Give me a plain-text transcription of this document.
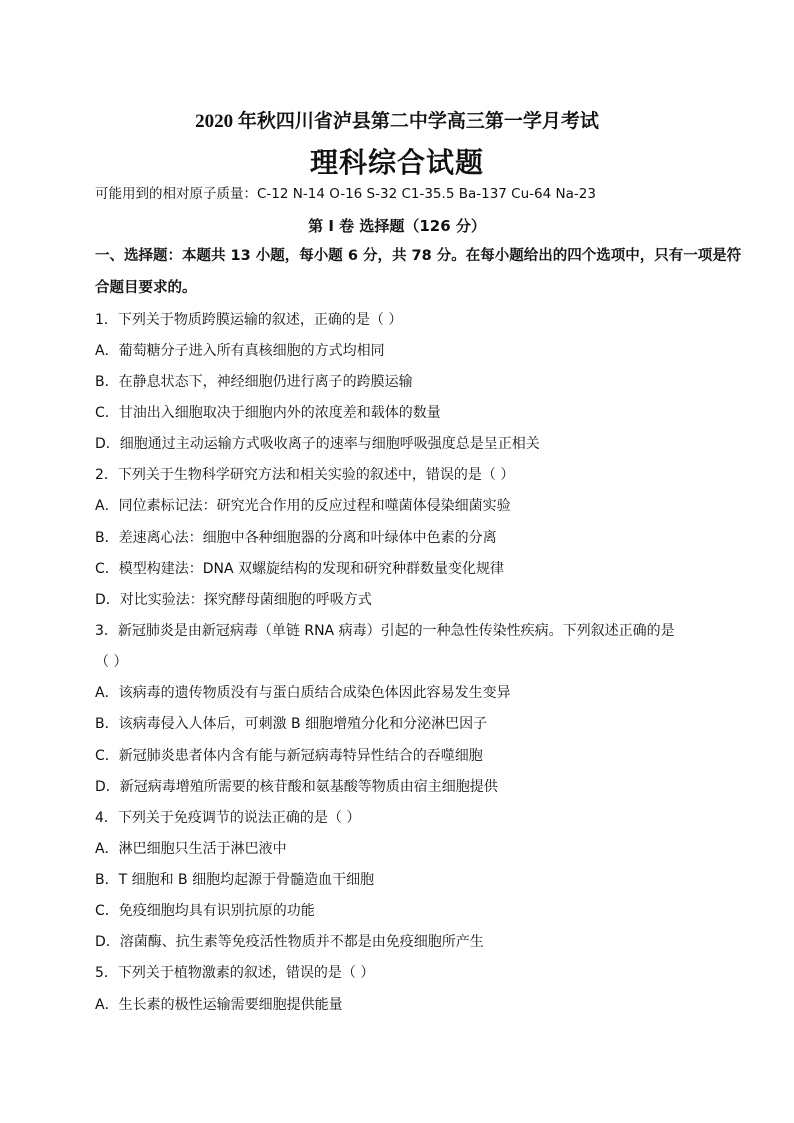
2020 年秋四川省泸县第二中学高三第一学月考试
理科综合试题
可能用到的相对原子质量：C-12 N-14 O-16 S-32 C1-35.5 Ba-137 Cu-64 Na-23
第 I 卷 选择题（126 分）
一、选择题：本题共 13 小题，每小题 6 分，共 78 分。在每小题给出的四个选项中，只有一项是符
合题目要求的。
1．下列关于物质跨膜运输的叙述，正确的是（ ）
A．葡萄糖分子进入所有真核细胞的方式均相同
B．在静息状态下，神经细胞仍进行离子的跨膜运输
C．甘油出入细胞取决于细胞内外的浓度差和载体的数量
D．细胞通过主动运输方式吸收离子的速率与细胞呼吸强度总是呈正相关
2．下列关于生物科学研究方法和相关实验的叙述中，错误的是（ ）
A．同位素标记法：研究光合作用的反应过程和噬菌体侵染细菌实验
B．差速离心法：细胞中各种细胞器的分离和叶绿体中色素的分离
C．模型构建法：DNA 双螺旋结构的发现和研究种群数量变化规律
D．对比实验法：探究酵母菌细胞的呼吸方式
3．新冠肺炎是由新冠病毒（单链 RNA 病毒）引起的一种急性传染性疾病。下列叙述正确的是
（ ）
A．该病毒的遗传物质没有与蛋白质结合成染色体因此容易发生变异
B．该病毒侵入人体后，可刺激 B 细胞增殖分化和分泌淋巴因子
C．新冠肺炎患者体内含有能与新冠病毒特异性结合的吞噬细胞
D．新冠病毒增殖所需要的核苷酸和氨基酸等物质由宿主细胞提供
4．下列关于免疫调节的说法正确的是（ ）
A．淋巴细胞只生活于淋巴液中
B．T 细胞和 B 细胞均起源于骨髓造血干细胞
C．免疫细胞均具有识别抗原的功能
D．溶菌酶、抗生素等免疫活性物质并不都是由免疫细胞所产生
5．下列关于植物激素的叙述，错误的是（ ）
A．生长素的极性运输需要细胞提供能量
